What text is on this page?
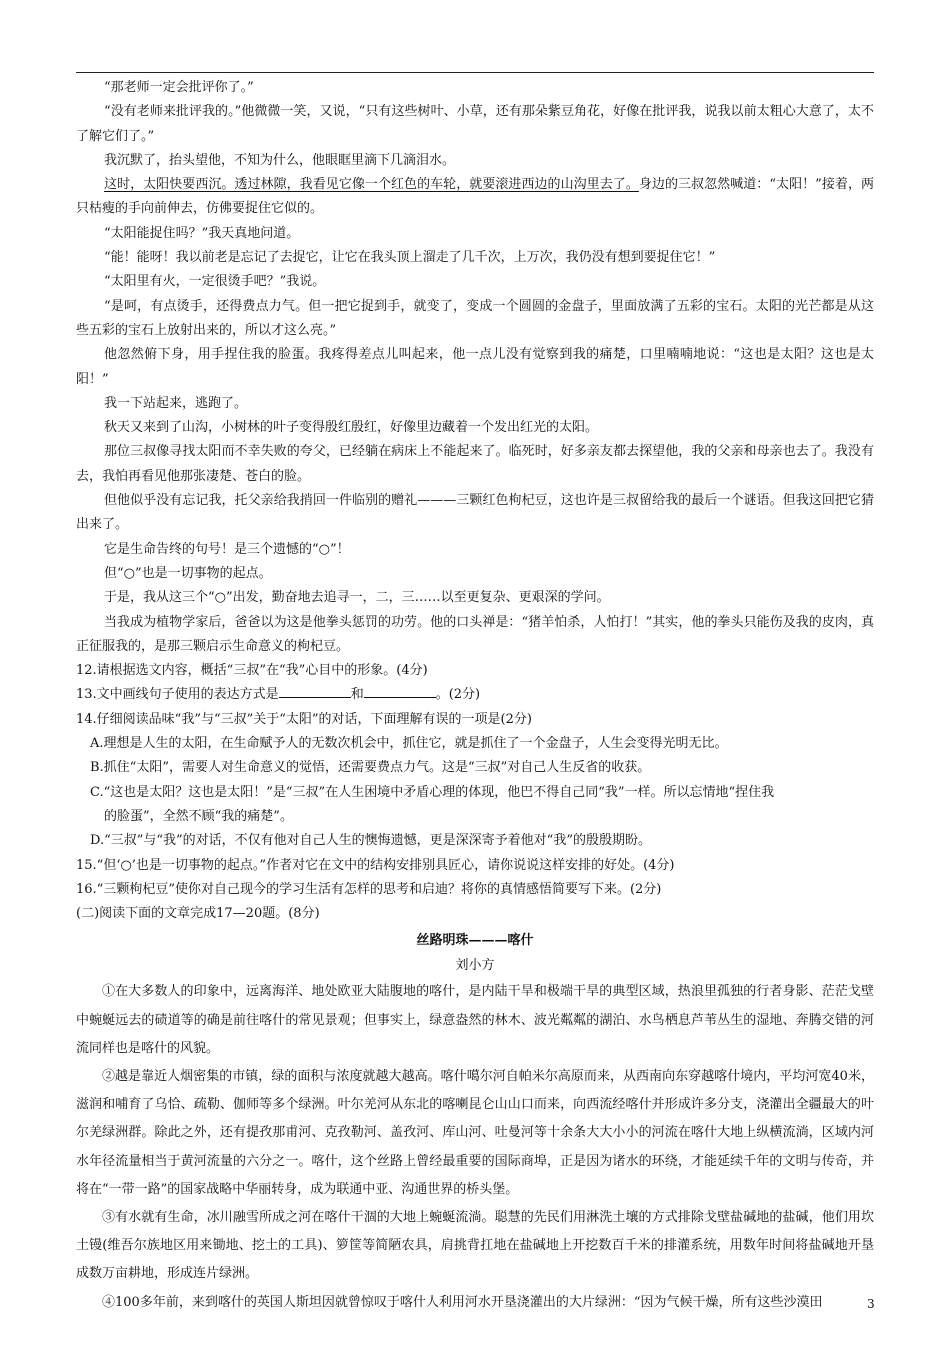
“那老师一定会批评你了。”

“没有老师来批评我的。”他微微一笑，又说，“只有这些树叶、小草，还有那朵紫豆角花，好像在批评我，说我以前太粗心大意了，太不了解它们了。”

我沉默了，抬头望他，不知为什么，他眼眶里滴下几滴泪水。

这时，太阳快要西沉。透过林隙，我看见它像一个红色的车轮，就要滚进西边的山沟里去了。身边的三叔忽然喊道：“太阳！”接着，两只枯瘦的手向前伸去，仿佛要捉住它似的。

“太阳能捉住吗？”我天真地问道。

“能！能呀！我以前老是忘记了去捉它，让它在我头顶上溜走了几千次，上万次，我仍没有想到要捉住它！”

“太阳里有火，一定很烫手吧？”我说。

“是呵，有点烫手，还得费点力气。但一把它捉到手，就变了，变成一个圆圆的金盘子，里面放满了五彩的宝石。太阳的光芒都是从这些五彩的宝石上放射出来的，所以才这么亮。”

他忽然俯下身，用手捏住我的脸蛋。我疼得差点儿叫起来，他一点儿没有觉察到我的痛楚，口里喃喃地说：“这也是太阳？这也是太阳！”

我一下站起来，逃跑了。

秋天又来到了山沟，小树林的叶子变得殷红殷红，好像里边藏着一个发出红光的太阳。

那位三叔像寻找太阳而不幸失败的夸父，已经躺在病床上不能起来了。临死时，好多亲友都去探望他，我的父亲和母亲也去了。我没有去，我怕再看见他那张凄楚、苍白的脸。

但他似乎没有忘记我，托父亲给我捎回一件临别的赠礼———三颗红色枸杞豆，这也许是三叔留给我的最后一个谜语。但我这回把它猜出来了。

它是生命告终的句号！是三个遗憾的“○”！

但“○”也是一切事物的起点。

于是，我从这三个“○”出发，勤奋地去追寻一，二，三……以至更复杂、更艰深的学问。

当我成为植物学家后，爸爸以为这是他拳头惩罚的功劳。他的口头禅是：“猪羊怕杀，人怕打！”其实，他的拳头只能伤及我的皮肉，真正征服我的，是那三颗启示生命意义的枸杞豆。

12.请根据选文内容，概括“三叔”在“我”心目中的形象。(4分)

13.文中画线句子使用的表达方式是	和	。(2分)

14.仔细阅读品味“我”与“三叔”关于“太阳”的对话，下面理解有误的一项是(2分)

A.理想是人生的太阳，在生命赋予人的无数次机会中，抓住它，就是抓住了一个金盘子，人生会变得光明无比。

B.抓住“太阳”，需要人对生命意义的觉悟，还需要费点力气。这是“三叔”对自己人生反省的收获。

C.“这也是太阳？这也是太阳！”是“三叔”在人生困境中矛盾心理的体现，他巴不得自己同“我”一样。所以忘情地“捏住我

的脸蛋”，全然不顾“我的痛楚”。

D.“三叔”与“我”的对话，不仅有他对自己人生的懊悔遗憾，更是深深寄予着他对“我”的殷殷期盼。

15.“但‘○’也是一切事物的起点。”作者对它在文中的结构安排别具匠心，请你说说这样安排的好处。(4分)

16.“三颗枸杞豆”使你对自己现今的学习生活有怎样的思考和启迪？将你的真情感悟简要写下来。(2分)

(二)阅读下面的文章完成17—20题。(8分)

丝路明珠———喀什

刘小方

①在大多数人的印象中，远离海洋、地处欧亚大陆腹地的喀什，是内陆干旱和极端干旱的典型区域，热浪里孤独的行者身影、茫茫戈壁中蜿蜒远去的碛道等的确是前往喀什的常见景观；但事实上，绿意盎然的林木、波光粼粼的湖泊、水鸟栖息芦苇丛生的湿地、奔腾交错的河流同样也是喀什的风貌。

②越是靠近人烟密集的市镇，绿的面积与浓度就越大越高。喀什噶尔河自帕米尔高原而来，从西南向东穿越喀什境内，平均河宽40米，滋润和哺育了乌恰、疏勒、伽师等多个绿洲。叶尔羌河从东北的喀喇昆仑山山口而来，向西流经喀什并形成许多分支，浇灌出全疆最大的叶尔羌绿洲群。除此之外，还有提孜那甫河、克孜勒河、盖孜河、库山河、吐曼河等十余条大大小小的河流在喀什大地上纵横流淌，区域内河水年径流量相当于黄河流量的六分之一。喀什，这个丝路上曾经最重要的国际商埠，正是因为诸水的环绕，才能延续千年的文明与传奇，并将在“一带一路”的国家战略中华丽转身，成为联通中亚、沟通世界的桥头堡。

③有水就有生命，冰川融雪所成之河在喀什干涸的大地上蜿蜒流淌。聪慧的先民们用淋洗土壤的方式排除戈壁盐碱地的盐碱，他们用坎土镘(维吾尔族地区用来锄地、挖土的工具)、箩筐等简陋农具，肩挑背扛地在盐碱地上开挖数百千米的排灌系统，用数年时间将盐碱地开垦成数万亩耕地，形成连片绿洲。

④100多年前，来到喀什的英国人斯坦因就曾惊叹于喀什人利用河水开垦浇灌出的大片绿洲：“因为气候干燥，所有这些沙漠田	3
